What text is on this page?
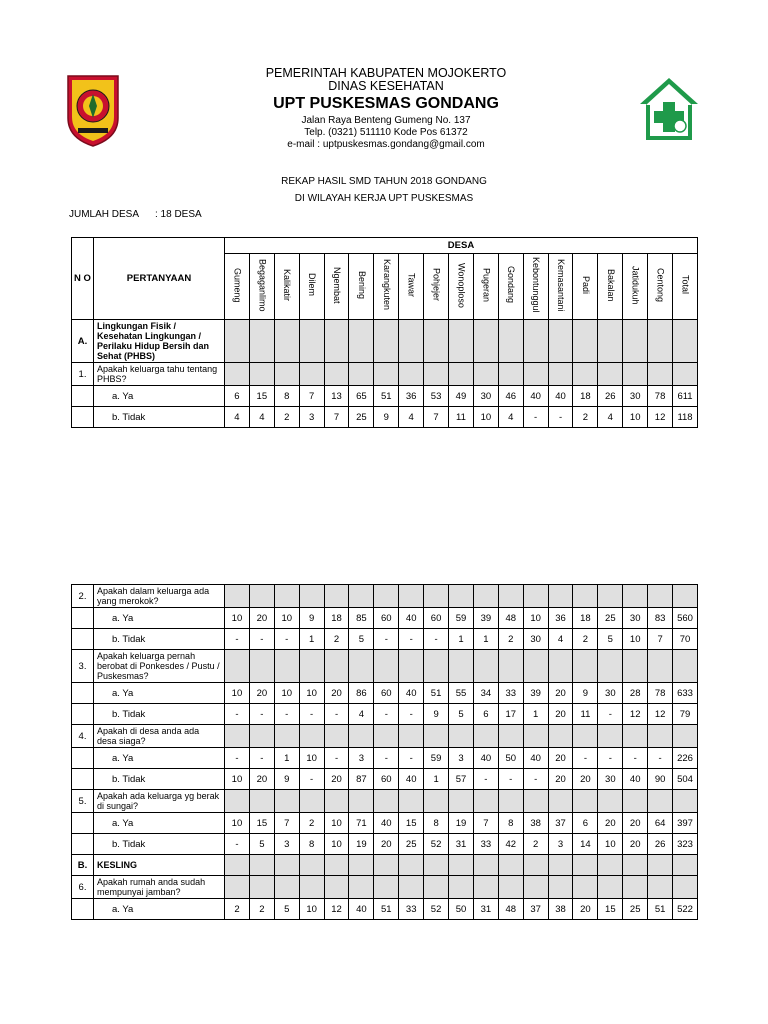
PEMERINTAH KABUPATEN MOJOKERTO
DINAS KESEHATAN
UPT PUSKESMAS GONDANG
Jalan Raya Benteng Gumeng No. 137
Telp. (0321) 511110 Kode Pos 61372
e-mail : uptpuskesmas.gondang@gmail.com
REKAP HASIL SMD TAHUN 2018 GONDANG
DI WILAYAH KERJA UPT PUSKESMAS
JUMLAH DESA : 18 DESA
N O	PERTANYAAN	DESA																		
		Gumeng	Begaganlimo	Kalikatir	Dilem	Ngembat	Bening	Karangkuten	Tawar	Pohjejer	Wonoploso	Pugeran	Gondang	Kebontunggul	Kemasantani	Padi	Bakalan	Jatidukuh	Centong	Total
A.	Lingkungan Fisik / Kesehatan Lingkungan / Perilaku Hidup Bersih dan Sehat (PHBS)																			
1.	Apakah keluarga tahu tentang PHBS?																			
	a. Ya	6	15	8	7	13	65	51	36	53	49	30	46	40	40	18	26	30	78	611
	b. Tidak	4	4	2	3	7	25	9	4	7	11	10	4	-	-	2	4	10	12	118
2.	Apakah dalam keluarga ada yang merokok?																			
	a. Ya	10	20	10	9	18	85	60	40	60	59	39	48	10	36	18	25	30	83	560
	b. Tidak	-	-	-	1	2	5	-	-	-	1	1	2	30	4	2	5	10	7	70
3.	Apakah keluarga pernah berobat di Ponkesdes / Pustu / Puskesmas?																			
	a. Ya	10	20	10	10	20	86	60	40	51	55	34	33	39	20	9	30	28	78	633
	b. Tidak	-	-	-	-	-	4	-	-	9	5	6	17	1	20	11	-	12	12	79
4.	Apakah di desa anda ada desa siaga?																			
	a. Ya	-	-	1	10	-	3	-	-	59	3	40	50	40	20	-	-	-	-	226
	b. Tidak	10	20	9	-	20	87	60	40	1	57	-	-	-	20	20	30	40	90	504
5.	Apakah ada keluarga yg berak di sungai?																			
	a. Ya	10	15	7	2	10	71	40	15	8	19	7	8	38	37	6	20	20	64	397
	b. Tidak	-	5	3	8	10	19	20	25	52	31	33	42	2	3	14	10	20	26	323
B.	KESLING																			
6.	Apakah rumah anda sudah mempunyai jamban?																			
	a. Ya	2	2	5	10	12	40	51	33	52	50	31	48	37	38	20	15	25	51	522
